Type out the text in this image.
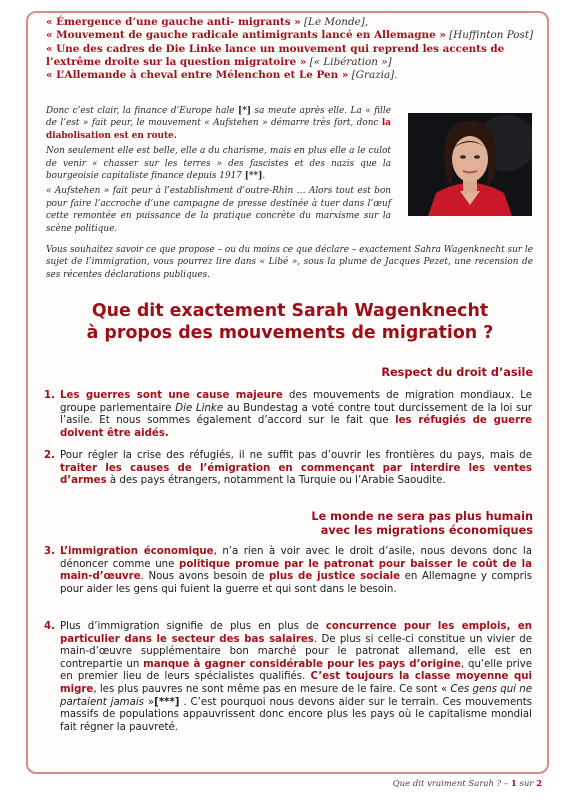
« Émergence d’une gauche anti- migrants » [Le Monde],
« Mouvement de gauche radicale antimigrants lancé en Allemagne » [Huffinton Post]
« Une des cadres de Die Linke lance un mouvement qui reprend les accents de l’extrême droite sur la question migratoire » [« Libération »]
« L’Allemande à cheval entre Mélenchon et Le Pen » [Grazia].

Donc c’est clair, la finance d’Europe hale [*] sa meute après elle. La « fille de l’est » fait peur, le mouvement « Aufstehen » démarre très fort, donc la diabolisation est en route.

Non seulement elle est belle, elle a du charisme, mais en plus elle a le culot de venir « chasser sur les terres » des fascistes et des nazis que la bourgeoisie capitaliste finance depuis 1917 [**].

« Aufstehen » fait peur à l’establishment d’outre-Rhin … Alors tout est bon pour faire l’accroche d’une campagne de presse destinée à tuer dans l’œuf cette remontée en puissance de la pratique concrète du marxisme sur la scène politique.

Vous souhaitez savoir ce que propose – ou du moins ce que déclare – exactement Sahra Wagenknecht sur le sujet de l’immigration, vous pourrez lire dans « Libé », sous la plume de Jacques Pezet, une recension de ses récentes déclarations publiques.

Que dit exactement Sarah Wagenknecht
à propos des mouvements de migration ?
Respect du droit d’asile
1. Les guerres sont une cause majeure des mouvements de migration mondiaux. Le groupe parlementaire Die Linke au Bundestag a voté contre tout durcissement de la loi sur l’asile. Et nous sommes également d’accord sur le fait que les réfugiés de guerre doivent être aidés.
2. Pour régler la crise des réfugiés, il ne suffit pas d’ouvrir les frontières du pays, mais de traiter les causes de l’émigration en commençant par interdire les ventes d’armes à des pays étrangers, notamment la Turquie ou l’Arabie Saoudite.
Le monde ne sera pas plus humain
avec les migrations économiques
3. L’immigration économique, n’a rien à voir avec le droit d’asile, nous devons donc la dénoncer comme une politique promue par le patronat pour baisser le coût de la main-d’œuvre. Nous avons besoin de plus de justice sociale en Allemagne y compris pour aider les gens qui fuient la guerre et qui sont dans le besoin.
4. Plus d’immigration signifie de plus en plus de concurrence pour les emplois, en particulier dans le secteur des bas salaires. De plus si celle-ci constitue un vivier de main-d’œuvre supplémentaire bon marché pour le patronat allemand, elle est en contrepartie un manque à gagner considérable pour les pays d’origine, qu’elle prive en premier lieu de leurs spécialistes qualifiés. C’est toujours la classe moyenne qui migre, les plus pauvres ne sont même pas en mesure de le faire. Ce sont « Ces gens qui ne partaient jamais »[***] . C’est pourquoi nous devons aider sur le terrain. Ces mouvements massifs de populations appauvrissent donc encore plus les pays où le capitalisme mondial fait régner la pauvreté.
Que dit vraiment Sarah ? – 1 sur 2
